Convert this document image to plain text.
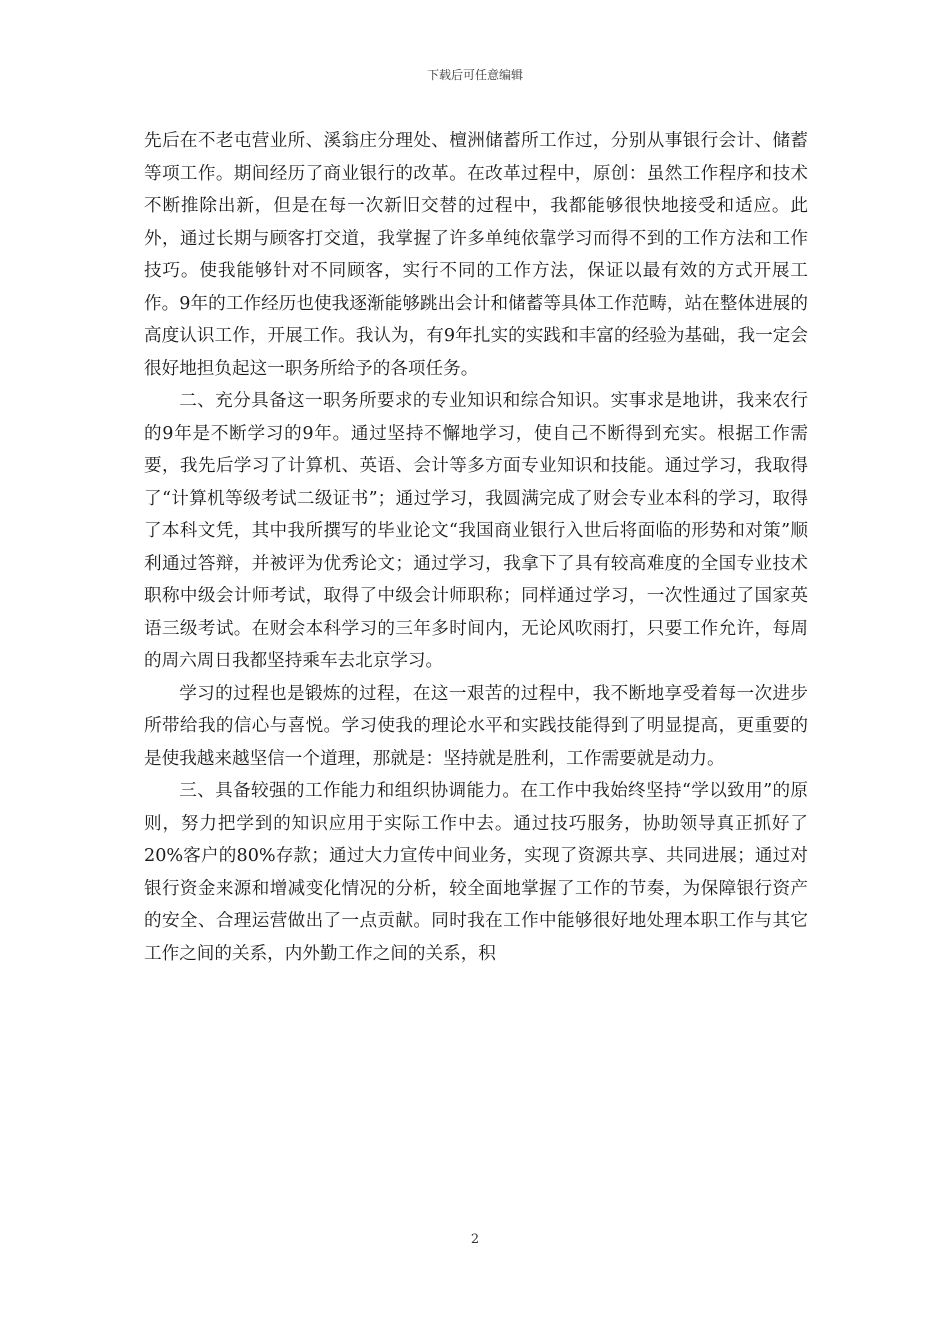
下载后可任意编辑

先后在不老屯营业所、溪翁庄分理处、檀洲储蓄所工作过，分别从事银行会计、储蓄等项工作。期间经历了商业银行的改革。在改革过程中，原创：虽然工作程序和技术不断推除出新，但是在每一次新旧交替的过程中，我都能够很快地接受和适应。此外，通过长期与顾客打交道，我掌握了许多单纯依靠学习而得不到的工作方法和工作技巧。使我能够针对不同顾客，实行不同的工作方法，保证以最有效的方式开展工作。9年的工作经历也使我逐渐能够跳出会计和储蓄等具体工作范畴，站在整体进展的高度认识工作，开展工作。我认为，有9年扎实的实践和丰富的经验为基础，我一定会很好地担负起这一职务所给予的各项任务。

二、充分具备这一职务所要求的专业知识和综合知识。实事求是地讲，我来农行的9年是不断学习的9年。通过坚持不懈地学习，使自己不断得到充实。根据工作需要，我先后学习了计算机、英语、会计等多方面专业知识和技能。通过学习，我取得了“计算机等级考试二级证书”；通过学习，我圆满完成了财会专业本科的学习，取得了本科文凭，其中我所撰写的毕业论文“我国商业银行入世后将面临的形势和对策”顺利通过答辩，并被评为优秀论文；通过学习，我拿下了具有较高难度的全国专业技术职称中级会计师考试，取得了中级会计师职称；同样通过学习，一次性通过了国家英语三级考试。在财会本科学习的三年多时间内，无论风吹雨打，只要工作允许，每周的周六周日我都坚持乘车去北京学习。

学习的过程也是锻炼的过程，在这一艰苦的过程中，我不断地享受着每一次进步所带给我的信心与喜悦。学习使我的理论水平和实践技能得到了明显提高，更重要的是使我越来越坚信一个道理，那就是：坚持就是胜利，工作需要就是动力。

三、具备较强的工作能力和组织协调能力。在工作中我始终坚持“学以致用”的原则，努力把学到的知识应用于实际工作中去。通过技巧服务，协助领导真正抓好了20%客户的80%存款；通过大力宣传中间业务，实现了资源共享、共同进展；通过对银行资金来源和增减变化情况的分析，较全面地掌握了工作的节奏，为保障银行资产的安全、合理运营做出了一点贡献。同时我在工作中能够很好地处理本职工作与其它工作之间的关系，内外勤工作之间的关系，积

2
